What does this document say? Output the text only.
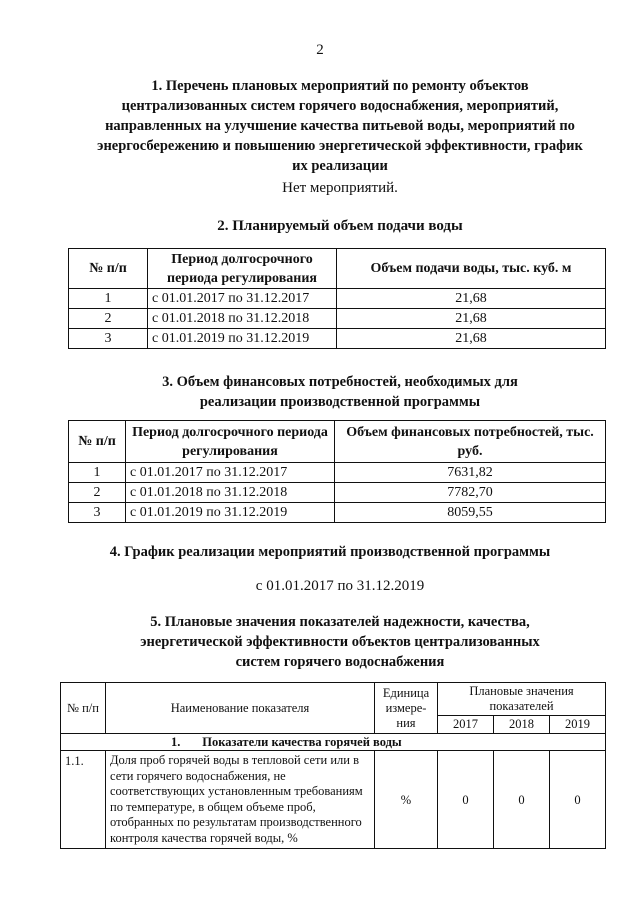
2
1. Перечень плановых мероприятий по ремонту объектов
централизованных систем горячего водоснабжения, мероприятий,
направленных на улучшение качества питьевой воды, мероприятий по
энергосбережению и повышению энергетической эффективности, график
их реализации
Нет мероприятий.
2. Планируемый объем подачи воды
№ п/п	Период долгосрочного периода регулирования	Объем подачи воды, тыс. куб. м
1	с 01.01.2017 по 31.12.2017	21,68
2	с 01.01.2018 по 31.12.2018	21,68
3	с 01.01.2019 по 31.12.2019	21,68
3. Объем финансовых потребностей, необходимых для
реализации производственной программы
№ п/п	Период долгосрочного периода регулирования	Объем финансовых потребностей, тыс. руб.
1	с 01.01.2017 по 31.12.2017	7631,82
2	с 01.01.2018 по 31.12.2018	7782,70
3	с 01.01.2019 по 31.12.2019	8059,55
4. График реализации мероприятий производственной программы
с 01.01.2017 по 31.12.2019
5. Плановые значения показателей надежности, качества,
энергетической эффективности объектов централизованных
систем горячего водоснабжения
№ п/п	Наименование показателя	Единица измере- ния	Плановые значения показателей		
			2017	2018	2019
1. Показатели качества горячей воды					
1.1.	Доля проб горячей воды в тепловой сети или в сети горячего водоснабжения, не соответствующих установленным требованиям по температуре, в общем объеме проб, отобранных по результатам производственного контроля качества горячей воды, %	%	0	0	0
